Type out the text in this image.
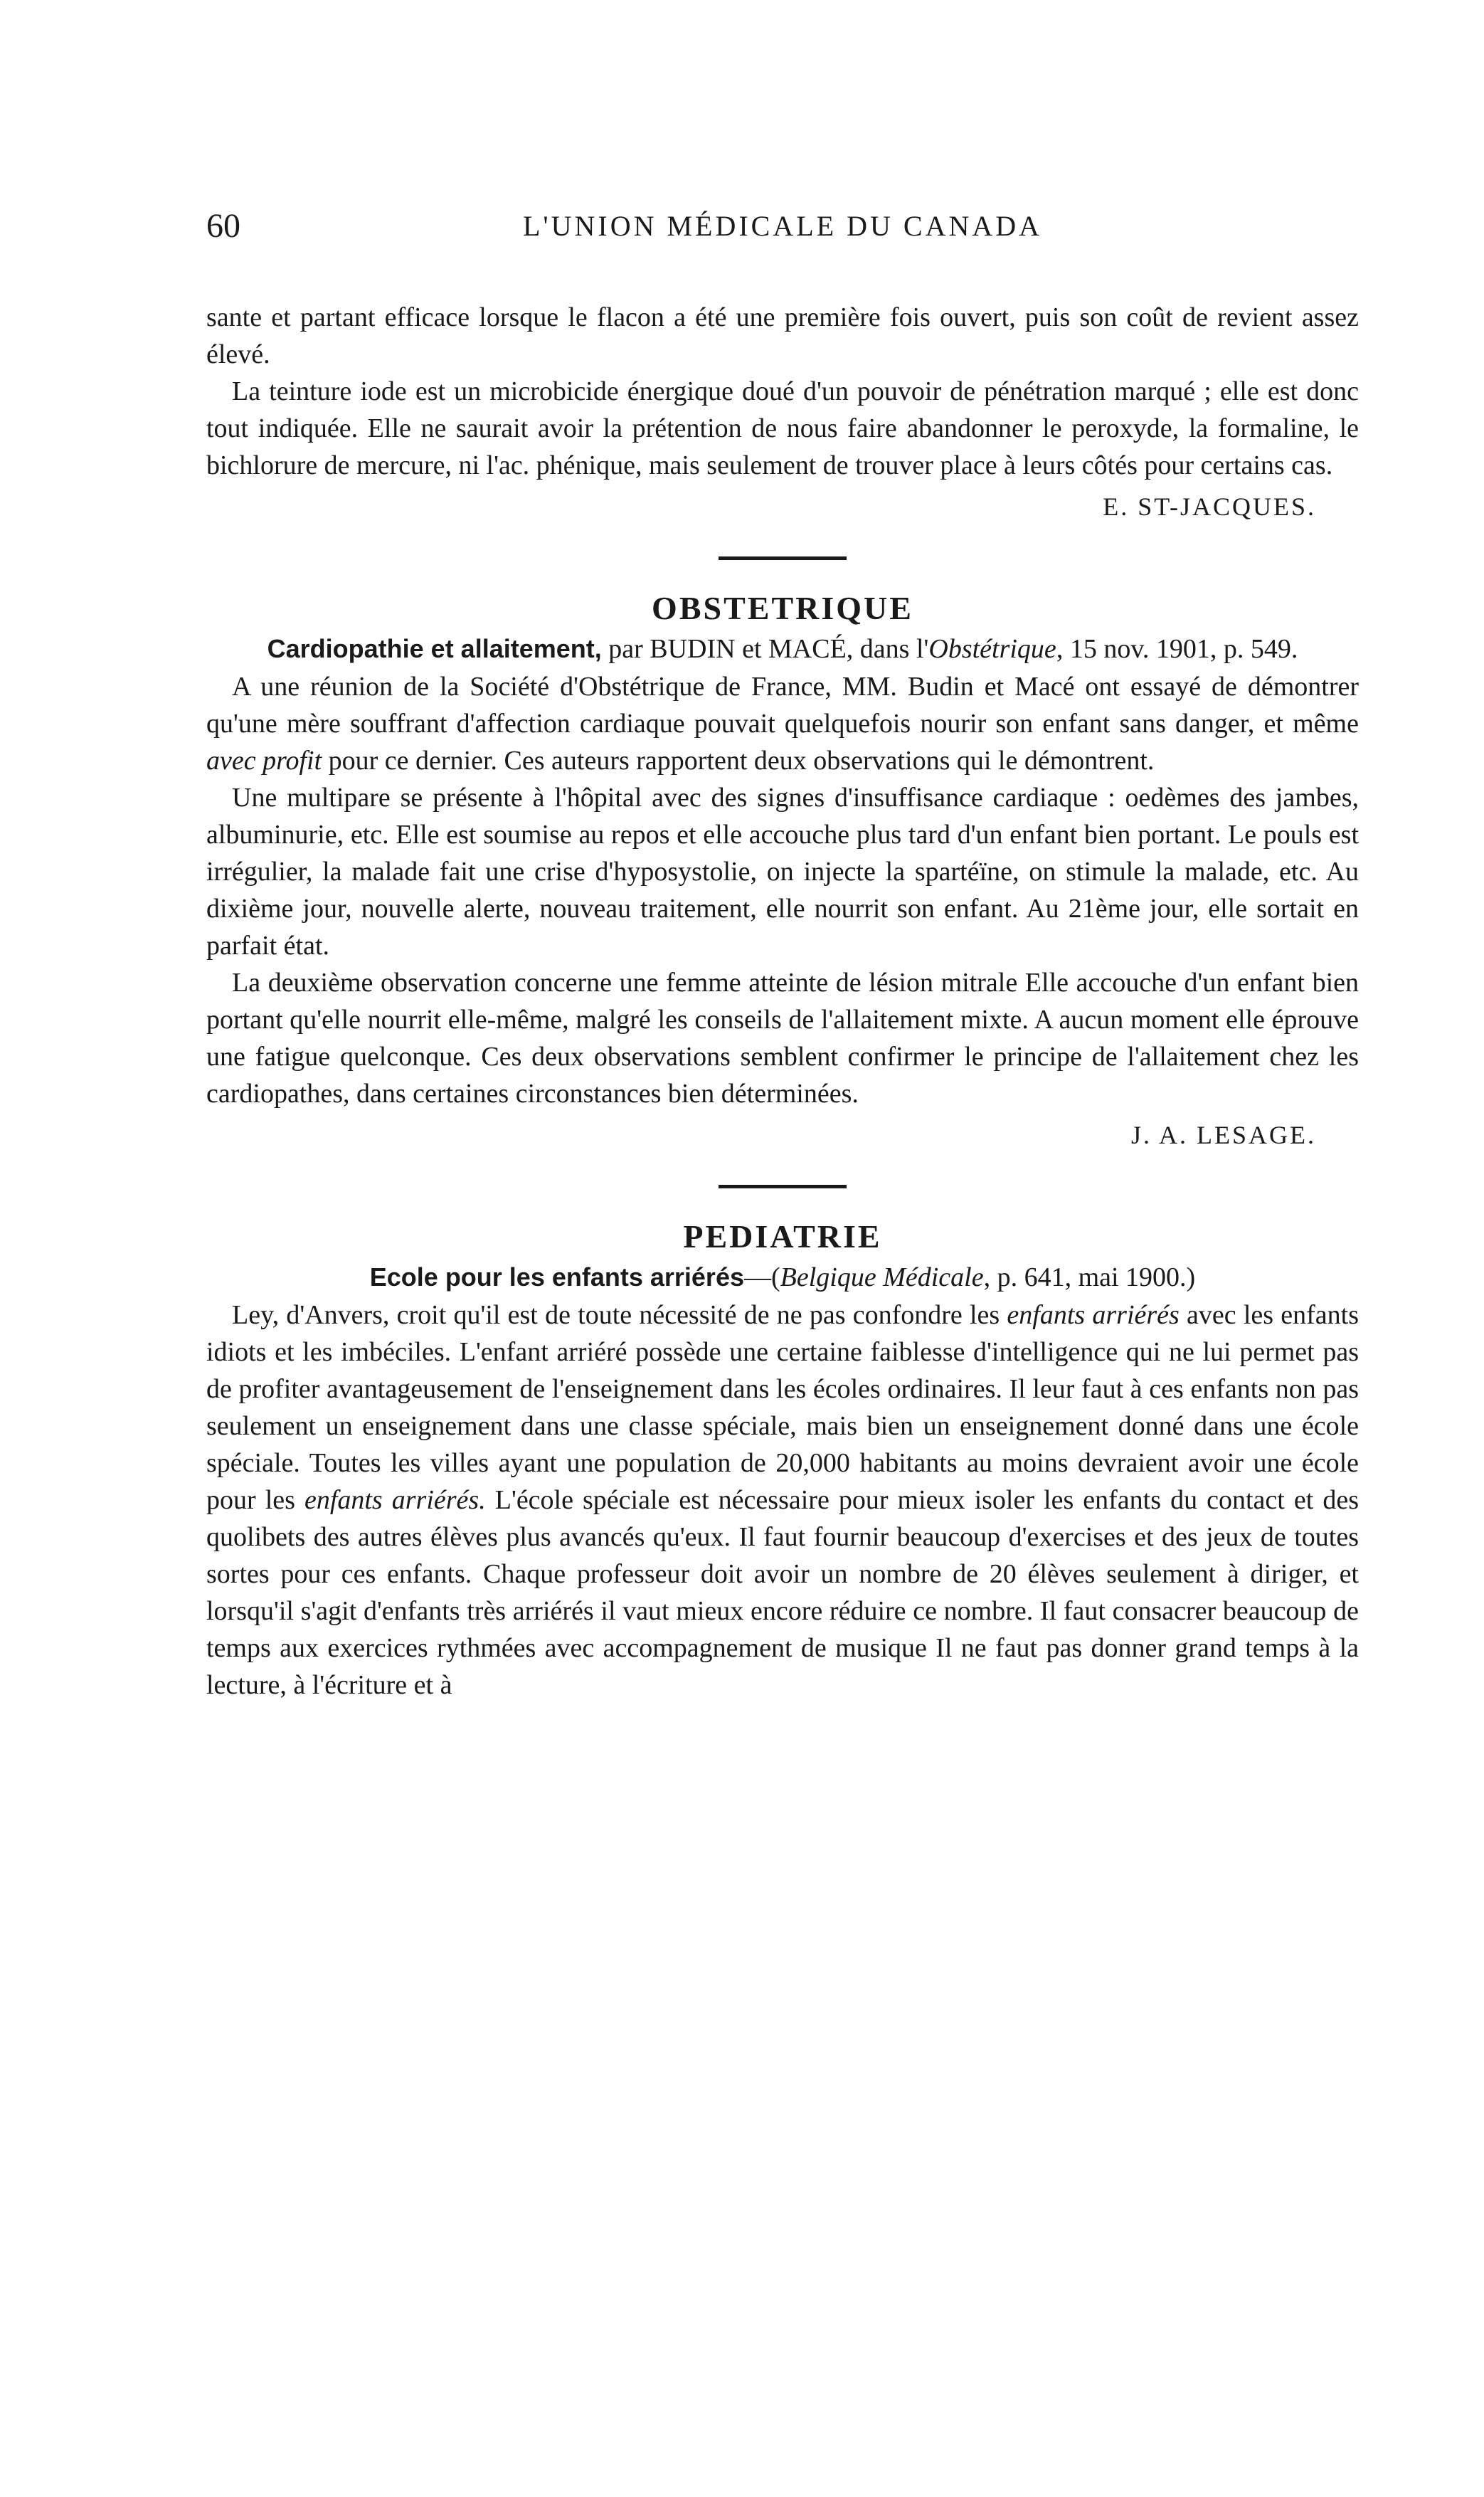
60	L'UNION MÉDICALE DU CANADA

sante et partant efficace lorsque le flacon a été une première fois ouvert, puis son coût de revient assez élevé.

La teinture iode est un microbicide énergique doué d'un pouvoir de pénétration marqué ; elle est donc tout indiquée. Elle ne saurait avoir la prétention de nous faire abandonner le peroxyde, la formaline, le bichlorure de mercure, ni l'ac. phénique, mais seulement de trouver place à leurs côtés pour certains cas.

E. ST-JACQUES.
OBSTETRIQUE
Cardiopathie et allaitement, par BUDIN et MACÉ, dans l'Obstétrique, 15 nov. 1901, p. 549.

A une réunion de la Société d'Obstétrique de France, MM. Budin et Macé ont essayé de démontrer qu'une mère souffrant d'affection cardiaque pouvait quelquefois nourir son enfant sans danger, et même avec profit pour ce dernier. Ces auteurs rapportent deux observations qui le démontrent.

Une multipare se présente à l'hôpital avec des signes d'insuffisance cardiaque : oedèmes des jambes, albuminurie, etc. Elle est soumise au repos et elle accouche plus tard d'un enfant bien portant. Le pouls est irrégulier, la malade fait une crise d'hyposystolie, on injecte la spartéïne, on stimule la malade, etc. Au dixième jour, nouvelle alerte, nouveau traitement, elle nourrit son enfant. Au 21ème jour, elle sortait en parfait état.

La deuxième observation concerne une femme atteinte de lésion mitrale Elle accouche d'un enfant bien portant qu'elle nourrit elle-même, malgré les conseils de l'allaitement mixte. A aucun moment elle éprouve une fatigue quelconque. Ces deux observations semblent confirmer le principe de l'allaitement chez les cardiopathes, dans certaines circonstances bien déterminées.

J. A. LESAGE.
PEDIATRIE
Ecole pour les enfants arriérés—(Belgique Médicale, p. 641, mai 1900.)

Ley, d'Anvers, croit qu'il est de toute nécessité de ne pas confondre les enfants arriérés avec les enfants idiots et les imbéciles. L'enfant arriéré possède une certaine faiblesse d'intelligence qui ne lui permet pas de profiter avantageusement de l'enseignement dans les écoles ordinaires. Il leur faut à ces enfants non pas seulement un enseignement dans une classe spéciale, mais bien un enseignement donné dans une école spéciale. Toutes les villes ayant une population de 20,000 habitants au moins devraient avoir une école pour les enfants arriérés. L'école spéciale est nécessaire pour mieux isoler les enfants du contact et des quolibets des autres élèves plus avancés qu'eux. Il faut fournir beaucoup d'exercises et des jeux de toutes sortes pour ces enfants. Chaque professeur doit avoir un nombre de 20 élèves seulement à diriger, et lorsqu'il s'agit d'enfants très arriérés il vaut mieux encore réduire ce nombre. Il faut consacrer beaucoup de temps aux exercices rythmées avec accompagnement de musique Il ne faut pas donner grand temps à la lecture, à l'écriture et à
